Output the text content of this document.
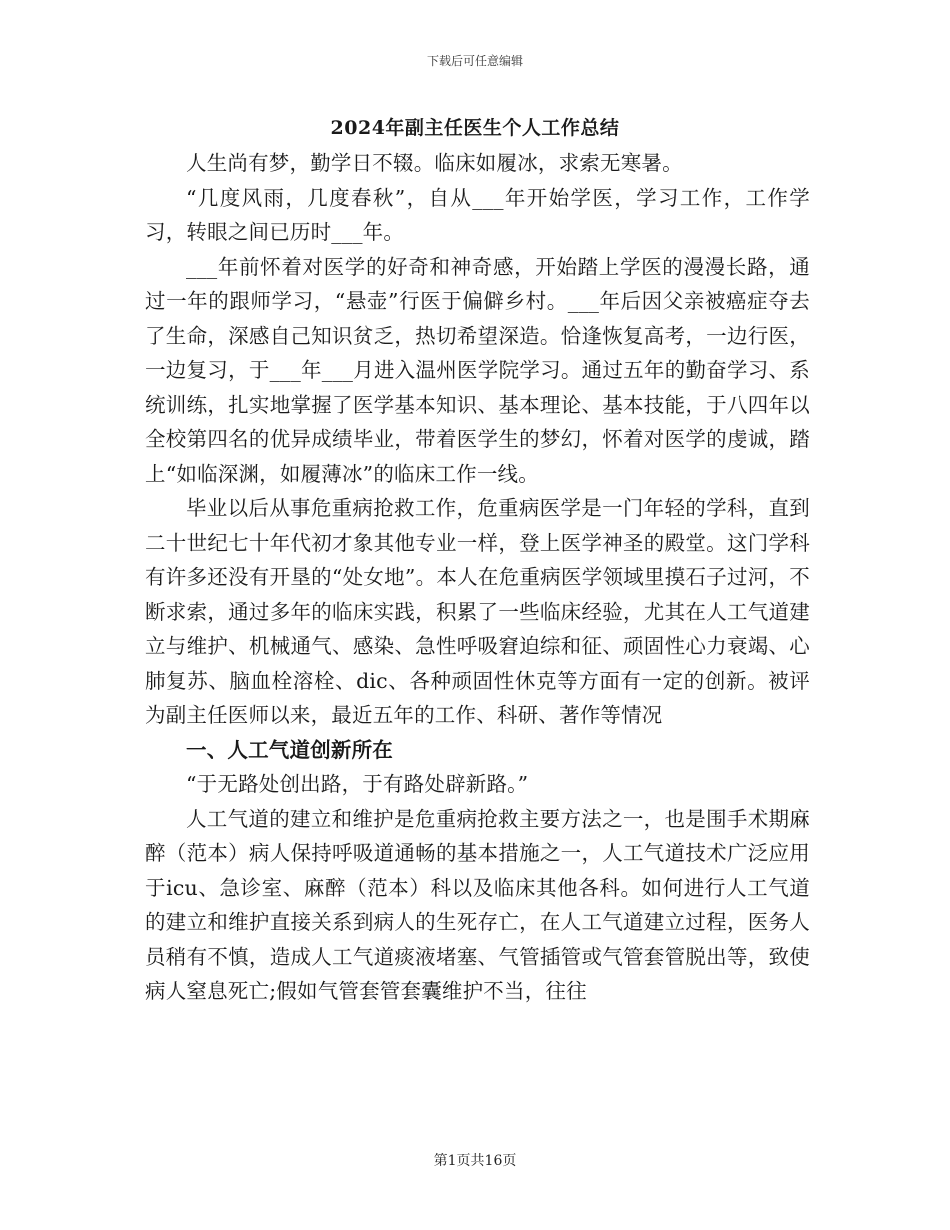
下载后可任意编辑
2024年副主任医生个人工作总结

人生尚有梦，勤学日不辍。临床如履冰，求索无寒暑。

“几度风雨，几度春秋”，自从___年开始学医，学习工作，工作学习，转眼之间已历时___年。

___年前怀着对医学的好奇和神奇感，开始踏上学医的漫漫长路，通过一年的跟师学习，“悬壶”行医于偏僻乡村。___年后因父亲被癌症夺去了生命，深感自己知识贫乏，热切希望深造。恰逢恢复高考，一边行医，一边复习，于___年___月进入温州医学院学习。通过五年的勤奋学习、系统训练，扎实地掌握了医学基本知识、基本理论、基本技能，于八四年以全校第四名的优异成绩毕业，带着医学生的梦幻，怀着对医学的虔诚，踏上“如临深渊，如履薄冰”的临床工作一线。

毕业以后从事危重病抢救工作，危重病医学是一门年轻的学科，直到二十世纪七十年代初才象其他专业一样，登上医学神圣的殿堂。这门学科有许多还没有开垦的“处女地”。本人在危重病医学领域里摸石子过河，不断求索，通过多年的临床实践，积累了一些临床经验，尤其在人工气道建立与维护、机械通气、感染、急性呼吸窘迫综和征、顽固性心力衰竭、心肺复苏、脑血栓溶栓、dic、各种顽固性休克等方面有一定的创新。被评为副主任医师以来，最近五年的工作、科研、著作等情况

一、人工气道创新所在

“于无路处创出路，于有路处辟新路。”

人工气道的建立和维护是危重病抢救主要方法之一，也是围手术期麻醉（范本）病人保持呼吸道通畅的基本措施之一，人工气道技术广泛应用于icu、急诊室、麻醉（范本）科以及临床其他各科。如何进行人工气道的建立和维护直接关系到病人的生死存亡，在人工气道建立过程，医务人员稍有不慎，造成人工气道痰液堵塞、气管插管或气管套管脱出等，致使病人窒息死亡;假如气管套管套囊维护不当，往往

第1页共16页
